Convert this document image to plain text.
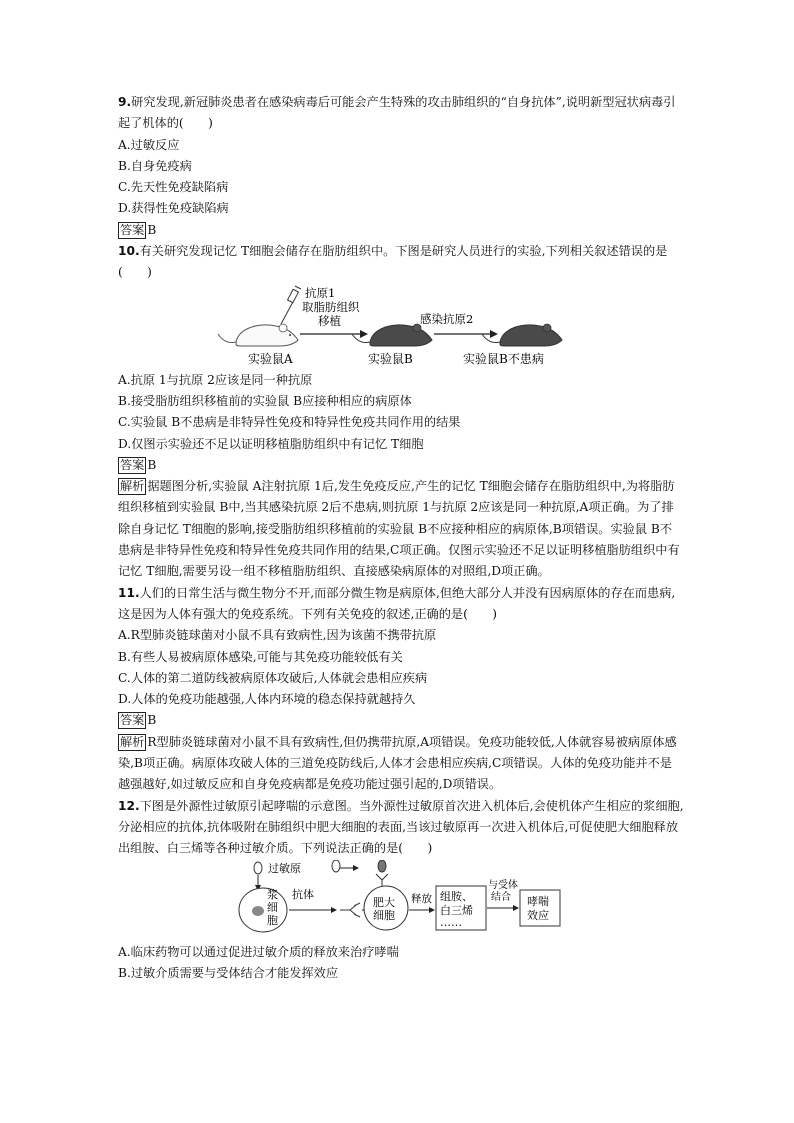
9.研究发现,新冠肺炎患者在感染病毒后可能会产生特殊的攻击肺组织的“自身抗体”,说明新型冠状病毒引起了机体的(　　)

A.过敏反应

B.自身免疫病

C.先天性免疫缺陷病

D.获得性免疫缺陷病

答案 B

10.有关研究发现记忆 T细胞会储存在脂肪组织中。下图是研究人员进行的实验,下列相关叙述错误的是(　　)

抗原1
取脂肪组织
移植
实验鼠A	实验鼠B
感染抗原2
实验鼠B不患病

A.抗原 1与抗原 2应该是同一种抗原

B.接受脂肪组织移植前的实验鼠 B应接种相应的病原体

C.实验鼠 B不患病是非特异性免疫和特异性免疫共同作用的结果

D.仅图示实验还不足以证明移植脂肪组织中有记忆 T细胞

答案 B

解析 据题图分析,实验鼠 A注射抗原 1后,发生免疫反应,产生的记忆 T细胞会储存在脂肪组织中,为将脂肪组织移植到实验鼠 B中,当其感染抗原 2后不患病,则抗原 1与抗原 2应该是同一种抗原,A项正确。为了排除自身记忆 T细胞的影响,接受脂肪组织移植前的实验鼠 B不应接种相应的病原体,B项错误。实验鼠 B不患病是非特异性免疫和特异性免疫共同作用的结果,C项正确。仅图示实验还不足以证明移植脂肪组织中有记忆 T细胞,需要另设一组不移植脂肪组织、直接感染病原体的对照组,D项正确。

11.人们的日常生活与微生物分不开,而部分微生物是病原体,但绝大部分人并没有因病原体的存在而患病,这是因为人体有强大的免疫系统。下列有关免疫的叙述,正确的是(　　)

A.R型肺炎链球菌对小鼠不具有致病性,因为该菌不携带抗原

B.有些人易被病原体感染,可能与其免疫功能较低有关

C.人体的第二道防线被病原体攻破后,人体就会患相应疾病

D.人体的免疫功能越强,人体内环境的稳态保持就越持久

答案 B

解析 R型肺炎链球菌对小鼠不具有致病性,但仍携带抗原,A项错误。免疫功能较低,人体就容易被病原体感染,B项正确。病原体攻破人体的三道免疫防线后,人体才会患相应疾病,C项错误。人体的免疫功能并不是越强越好,如过敏反应和自身免疫病都是免疫功能过强引起的,D项错误。

12.下图是外源性过敏原引起哮喘的示意图。当外源性过敏原首次进入机体后,会使机体产生相应的浆细胞,分泌相应的抗体,抗体吸附在肺组织中肥大细胞的表面,当该过敏原再一次进入机体后,可促使肥大细胞释放出组胺、白三烯等各种过敏介质。下列说法正确的是(　　)

过敏原
浆细胞
抗体
肥大
细胞
释放 组胺、
白三烯
……
与受体
结合 哮喘
效应

A.临床药物可以通过促进过敏介质的释放来治疗哮喘

B.过敏介质需要与受体结合才能发挥效应
